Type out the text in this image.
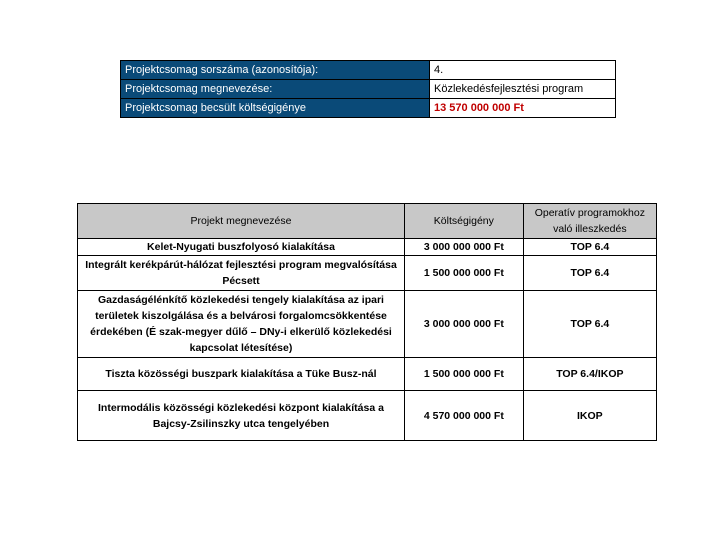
Projektcsomag sorszáma (azonosítója):	4.
Projektcsomag megnevezése:	Közlekedésfejlesztési program
Projektcsomag becsült költségigénye	13 570 000 000 Ft
Projekt megnevezése	Költségigény	Operatív programokhoz való illeszkedés
Kelet-Nyugati buszfolyosó kialakítása	3 000 000 000 Ft	TOP 6.4
Integrált kerékpárút-hálózat fejlesztési program megvalósítása Pécsett	1 500 000 000 Ft	TOP 6.4
Gazdaságélénkítő közlekedési tengely kialakítása az ipari területek kiszolgálása és a belvárosi forgalomcsökkentése érdekében (É szak-megyer dűlő – DNy-i elkerülő közlekedési kapcsolat létesítése)	3 000 000 000 Ft	TOP 6.4
Tiszta közösségi buszpark kialakítása a Tüke Busz-nál	1 500 000 000 Ft	TOP 6.4/IKOP
Intermodális közösségi közlekedési központ kialakítása a Bajcsy-Zsilinszky utca tengelyében	4 570 000 000 Ft	IKOP
